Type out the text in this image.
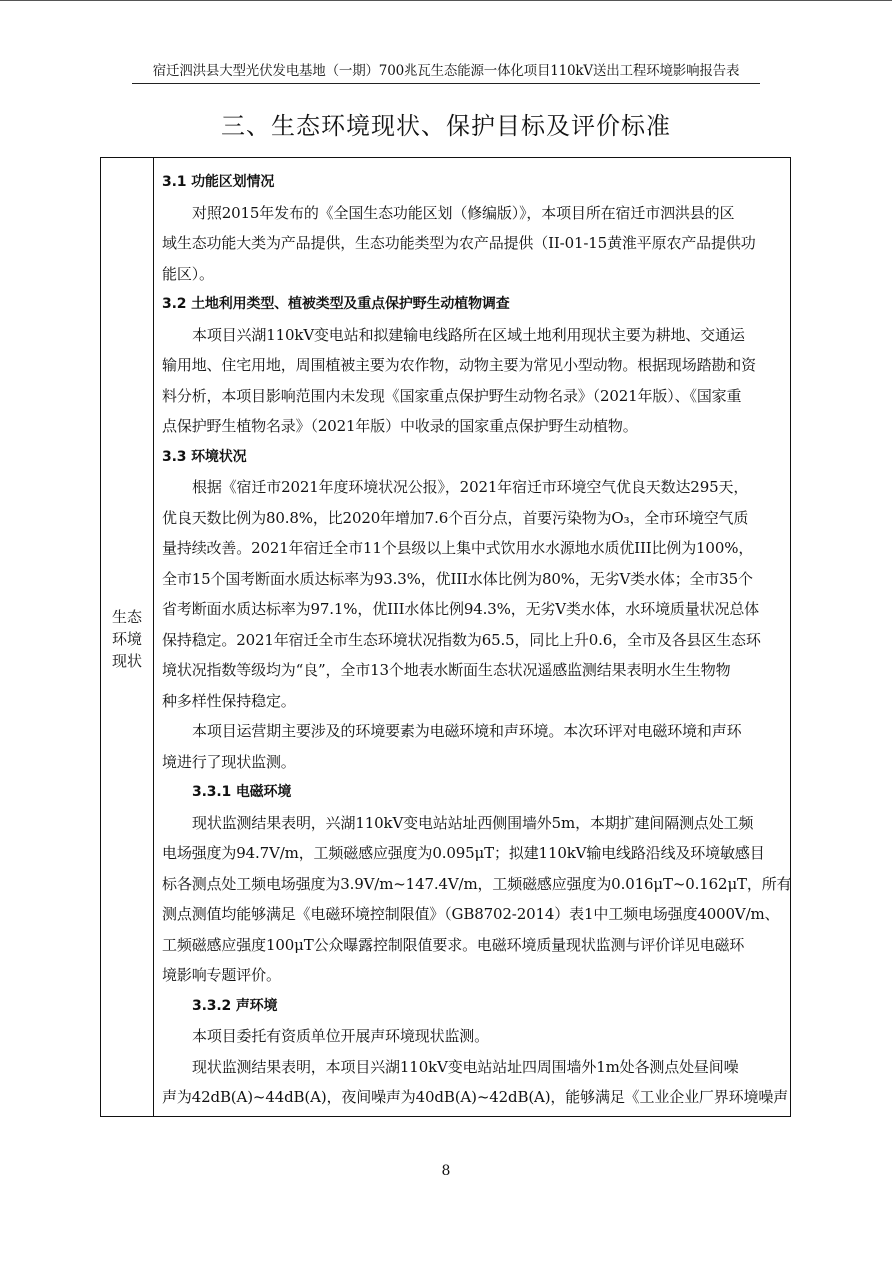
宿迁泗洪县大型光伏发电基地（一期）700兆瓦生态能源一体化项目110kV送出工程环境影响报告表
三、生态环境现状、保护目标及评价标准
生态
环境
现状
3.1 功能区划情况
对照2015年发布的《全国生态功能区划（修编版）》，本项目所在宿迁市泗洪县的区
域生态功能大类为产品提供，生态功能类型为农产品提供（II-01-15黄淮平原农产品提供功
能区）。
3.2 土地利用类型、植被类型及重点保护野生动植物调查
本项目兴湖110kV变电站和拟建输电线路所在区域土地利用现状主要为耕地、交通运
输用地、住宅用地，周围植被主要为农作物，动物主要为常见小型动物。根据现场踏勘和资
料分析，本项目影响范围内未发现《国家重点保护野生动物名录》（2021年版）、《国家重
点保护野生植物名录》（2021年版）中收录的国家重点保护野生动植物。
3.3 环境状况
根据《宿迁市2021年度环境状况公报》，2021年宿迁市环境空气优良天数达295天，
优良天数比例为80.8%，比2020年增加7.6个百分点，首要污染物为O₃，全市环境空气质
量持续改善。2021年宿迁全市11个县级以上集中式饮用水水源地水质优III比例为100%，
全市15个国考断面水质达标率为93.3%，优III水体比例为80%，无劣V类水体；全市35个
省考断面水质达标率为97.1%，优III水体比例94.3%，无劣V类水体，水环境质量状况总体
保持稳定。2021年宿迁全市生态环境状况指数为65.5，同比上升0.6，全市及各县区生态环
境状况指数等级均为“良”，全市13个地表水断面生态状况遥感监测结果表明水生生物物
种多样性保持稳定。
本项目运营期主要涉及的环境要素为电磁环境和声环境。本次环评对电磁环境和声环
境进行了现状监测。
3.3.1 电磁环境
现状监测结果表明，兴湖110kV变电站站址西侧围墙外5m，本期扩建间隔测点处工频
电场强度为94.7V/m，工频磁感应强度为0.095μT；拟建110kV输电线路沿线及环境敏感目
标各测点处工频电场强度为3.9V/m~147.4V/m，工频磁感应强度为0.016μT~0.162μT，所有
测点测值均能够满足《电磁环境控制限值》（GB8702-2014）表1中工频电场强度4000V/m、
工频磁感应强度100μT公众曝露控制限值要求。电磁环境质量现状监测与评价详见电磁环
境影响专题评价。
3.3.2 声环境
本项目委托有资质单位开展声环境现状监测。
现状监测结果表明，本项目兴湖110kV变电站站址四周围墙外1m处各测点处昼间噪
声为42dB(A)~44dB(A)，夜间噪声为40dB(A)~42dB(A)，能够满足《工业企业厂界环境噪声
8
